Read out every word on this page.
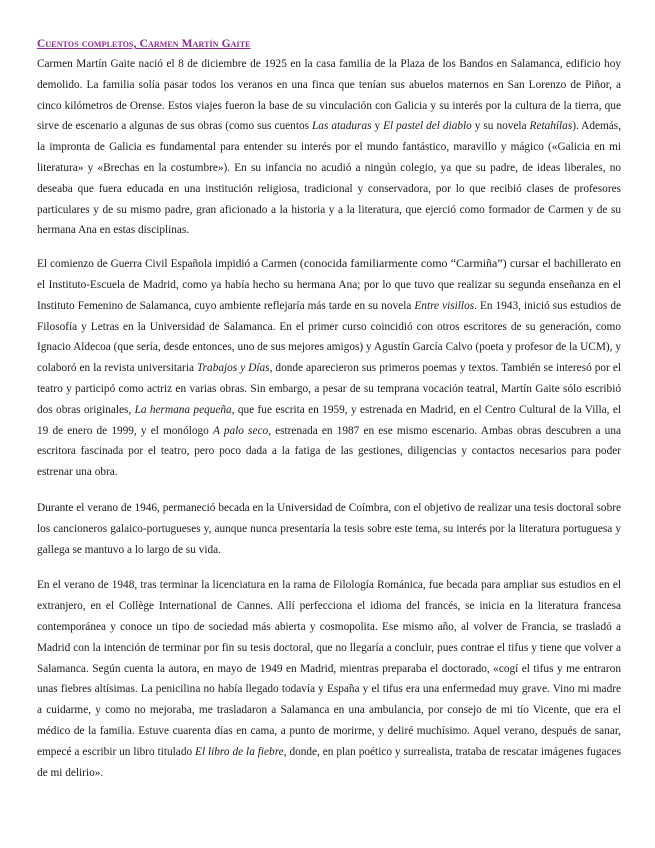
Cuentos completos, Carmen Martín Gaite

Carmen Martín Gaite nació el 8 de diciembre de 1925 en la casa familia de la Plaza de los Bandos en Salamanca, edificio hoy demolido. La familia solía pasar todos los veranos en una finca que tenían sus abuelos maternos en San Lorenzo de Piñor, a cinco kilómetros de Orense. Estos viajes fueron la base de su vinculación con Galicia y su interés por la cultura de la tierra, que sirve de escenario a algunas de sus obras (como sus cuentos Las ataduras y El pastel del diablo y su novela Retahílas). Además, la impronta de Galicia es fundamental para entender su interés por el mundo fantástico, maravillo y mágico («Galicia en mi literatura» y «Brechas en la costumbre»). En su infancia no acudió a ningún colegio, ya que su padre, de ideas liberales, no deseaba que fuera educada en una institución religiosa, tradicional y conservadora, por lo que recibió clases de profesores particulares y de su mismo padre, gran aficionado a la historia y a la literatura, que ejerció como formador de Carmen y de su hermana Ana en estas disciplinas.

El comienzo de Guerra Civil Española impidió a Carmen (conocida familiarmente como “Carmiña”) cursar el bachillerato en el Instituto-Escuela de Madrid, como ya había hecho su hermana Ana; por lo que tuvo que realizar su segunda enseñanza en el Instituto Femenino de Salamanca, cuyo ambiente reflejaría más tarde en su novela Entre visillos. En 1943, inició sus estudios de Filosofía y Letras en la Universidad de Salamanca. En el primer curso coincidió con otros escritores de su generación, como Ignacio Aldecoa (que sería, desde entonces, uno de sus mejores amigos) y Agustín García Calvo (poeta y profesor de la UCM), y colaboró en la revista universitaria Trabajos y Días, donde aparecieron sus primeros poemas y textos. También se interesó por el teatro y participó como actriz en varias obras. Sin embargo, a pesar de su temprana vocación teatral, Martín Gaite sólo escribió dos obras originales, La hermana pequeña, que fue escrita en 1959, y estrenada en Madrid, en el Centro Cultural de la Villa, el 19 de enero de 1999, y el monólogo A palo seco, estrenada en 1987 en ese mismo escenario. Ambas obras descubren a una escritora fascinada por el teatro, pero poco dada a la fatiga de las gestiones, diligencias y contactos necesarios para poder estrenar una obra.

Durante el verano de 1946, permaneció becada en la Universidad de Coímbra, con el objetivo de realizar una tesis doctoral sobre los cancioneros galaico-portugueses y, aunque nunca presentaría la tesis sobre este tema, su interés por la literatura portuguesa y gallega se mantuvo a lo largo de su vida.

En el verano de 1948, tras terminar la licenciatura en la rama de Filología Románica, fue becada para ampliar sus estudios en el extranjero, en el Collège International de Cannes. Allí perfecciona el idioma del francés, se inicia en la literatura francesa contemporánea y conoce un tipo de sociedad más abierta y cosmopolita. Ese mismo año, al volver de Francia, se trasladó a Madrid con la intención de terminar por fin su tesis doctoral, que no llegaría a concluir, pues contrae el tifus y tiene que volver a Salamanca. Según cuenta la autora, en mayo de 1949 en Madrid, mientras preparaba el doctorado, «cogí el tifus y me entraron unas fiebres altísimas. La penicilina no había llegado todavía y España y el tifus era una enfermedad muy grave. Vino mi madre a cuidarme, y como no mejoraba, me trasladaron a Salamanca en una ambulancia, por consejo de mi tío Vicente, que era el médico de la familia. Estuve cuarenta días en cama, a punto de morirme, y deliré muchísimo. Aquel verano, después de sanar, empecé a escribir un libro titulado El libro de la fiebre, donde, en plan poético y surrealista, trataba de rescatar imágenes fugaces de mi delirio».
